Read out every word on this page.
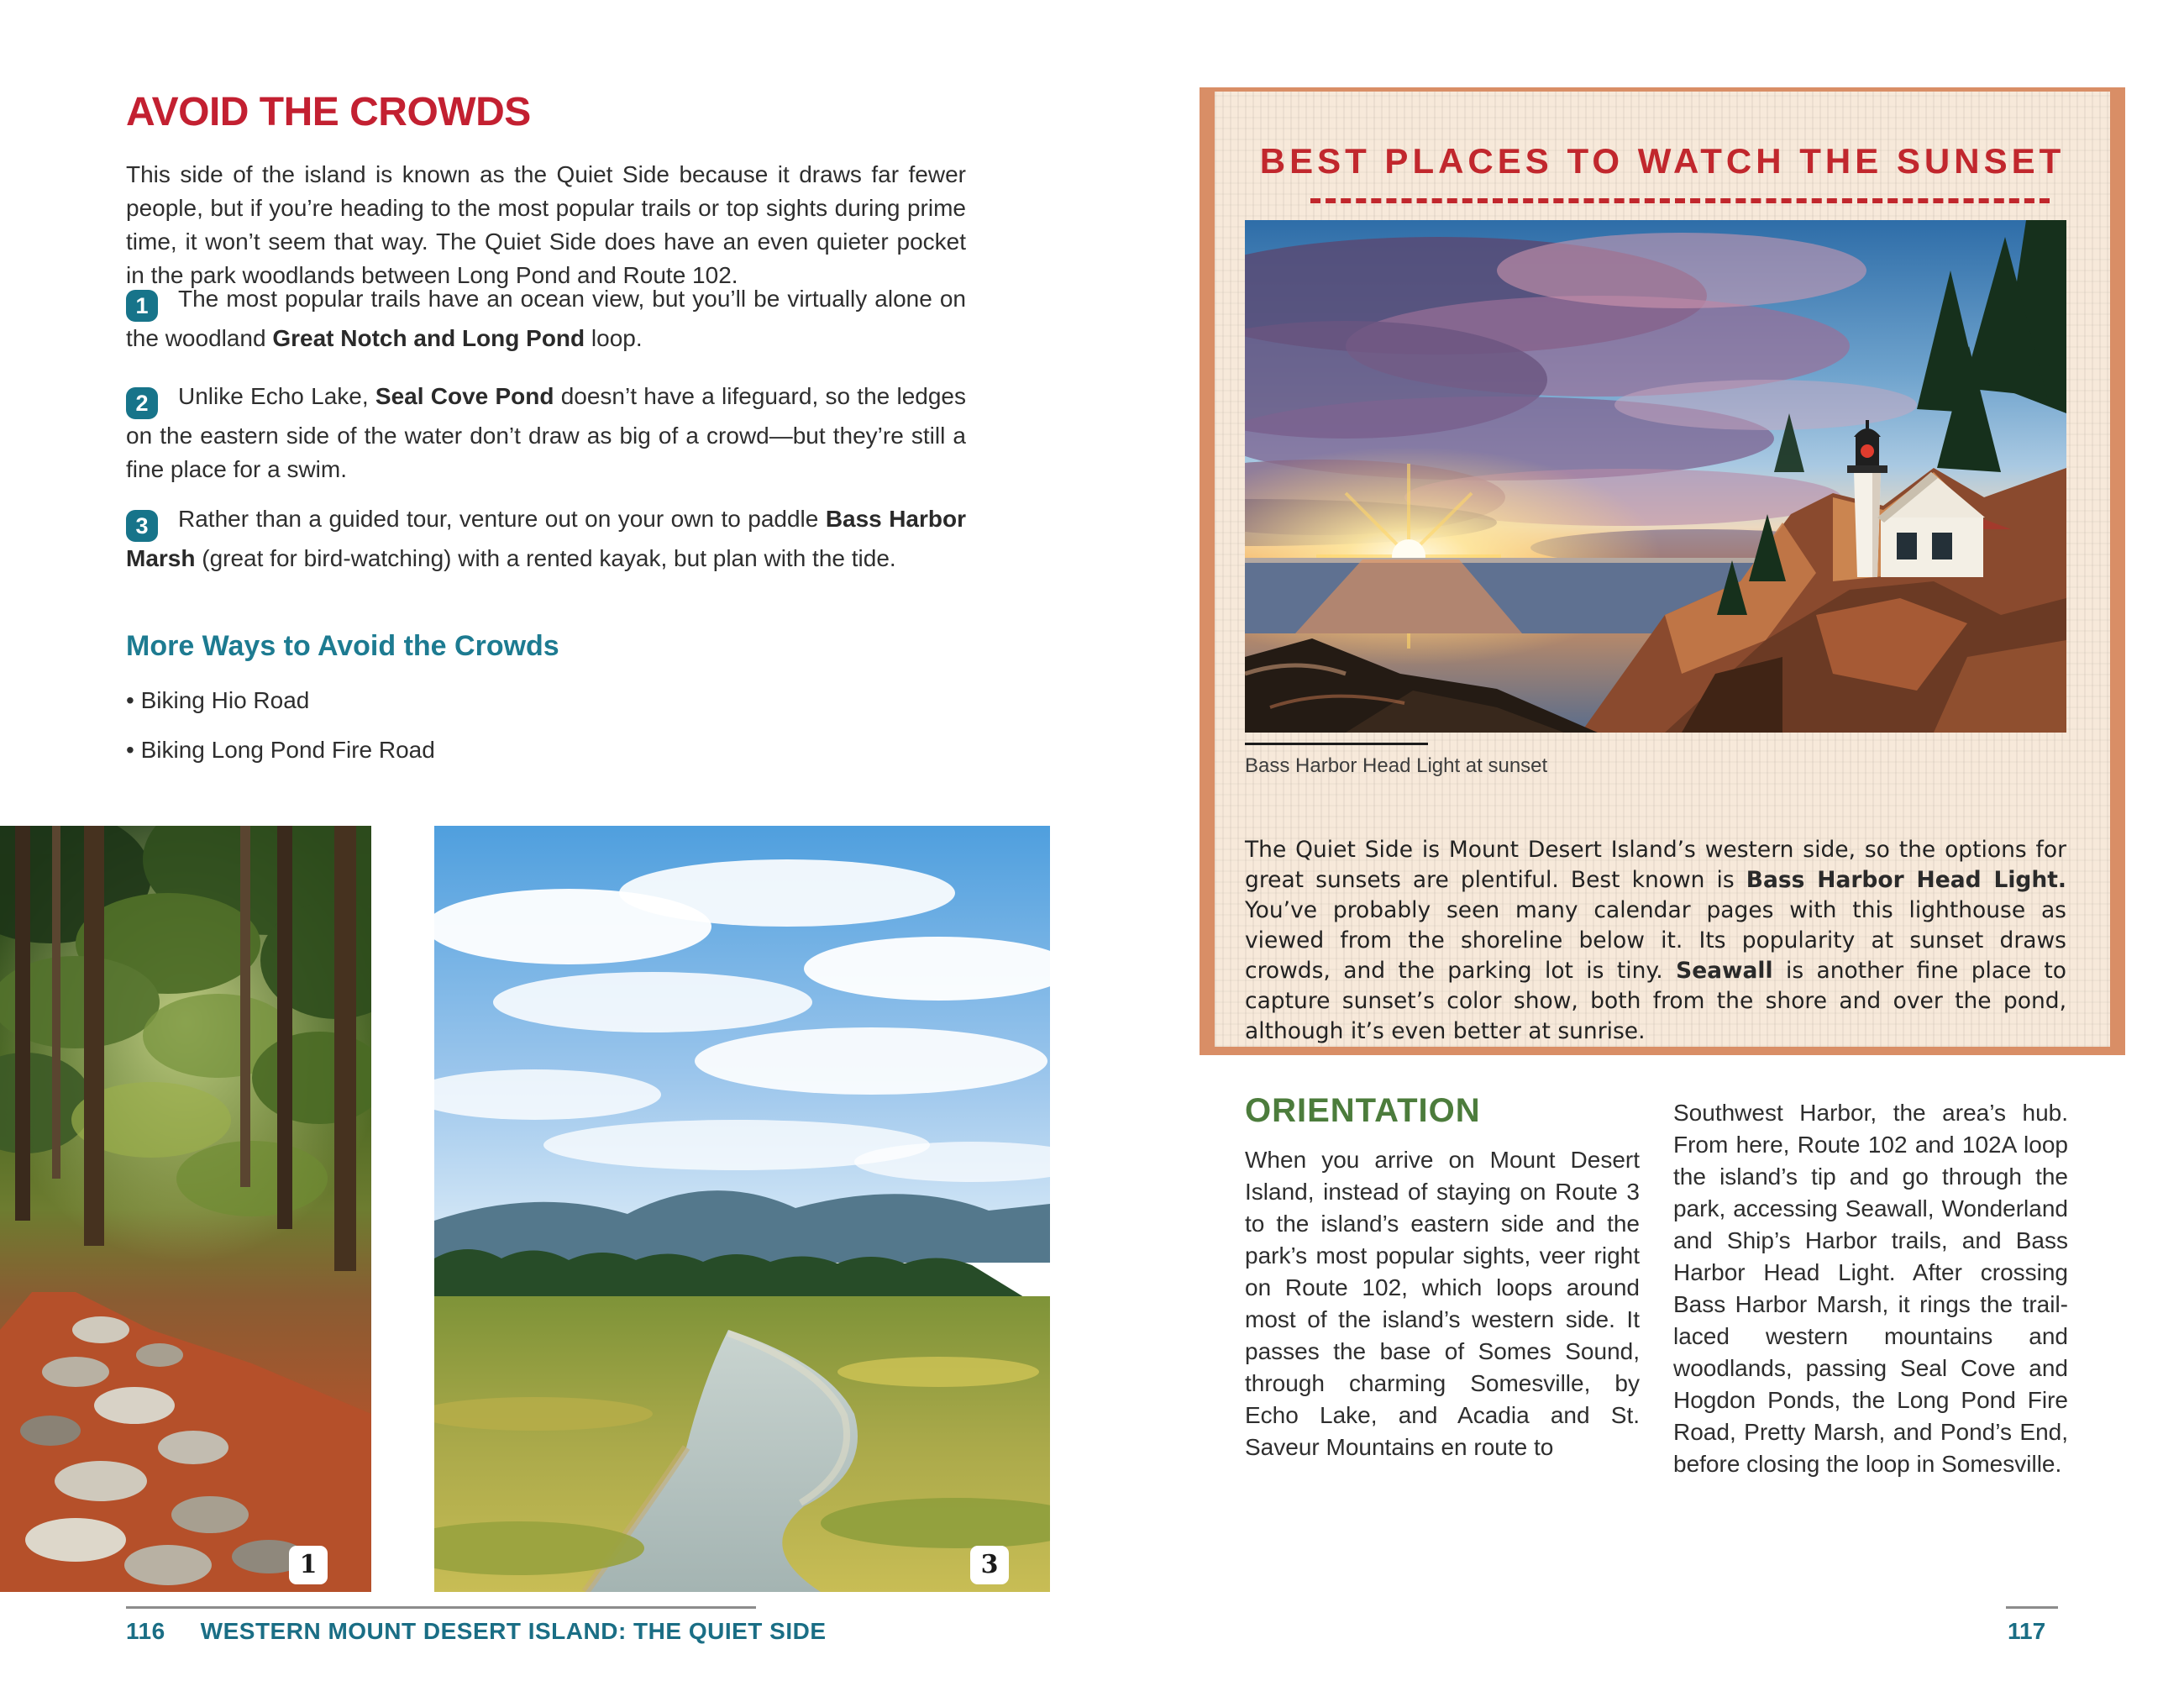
AVOID THE CROWDS
This side of the island is known as the Quiet Side because it draws far fewer people, but if you’re heading to the most popular trails or top sights during prime time, it won’t seem that way. The Quiet Side does have an even quieter pocket in the park woodlands between Long Pond and Route 102.
1 The most popular trails have an ocean view, but you’ll be virtually alone on the woodland Great Notch and Long Pond loop.
2 Unlike Echo Lake, Seal Cove Pond doesn’t have a lifeguard, so the ledges on the eastern side of the water don’t draw as big of a crowd—but they’re still a fine place for a swim.
3 Rather than a guided tour, venture out on your own to paddle Bass Harbor Marsh (great for bird-watching) with a rented kayak, but plan with the tide.
More Ways to Avoid the Crowds
• Biking Hio Road
• Biking Long Pond Fire Road
1	3
116 WESTERN MOUNT DESERT ISLAND: THE QUIET SIDE
BEST PLACES TO WATCH THE SUNSET
Bass Harbor Head Light at sunset
The Quiet Side is Mount Desert Island’s western side, so the options for great sunsets are plentiful. Best known is Bass Harbor Head Light. You’ve probably seen many calendar pages with this lighthouse as viewed from the shoreline below it. Its popularity at sunset draws crowds, and the parking lot is tiny. Seawall is another fine place to capture sunset’s color show, both from the shore and over the pond, although it’s even better at sunrise.
ORIENTATION
When you arrive on Mount Desert Island, instead of staying on Route 3 to the island’s eastern side and the park’s most popular sights, veer right on Route 102, which loops around most of the island’s western side. It passes the base of Somes Sound, through charming Somesville, by Echo Lake, and Acadia and St. Saveur Mountains en route to
Southwest Harbor, the area’s hub. From here, Route 102 and 102A loop the island’s tip and go through the park, accessing Seawall, Wonderland and Ship’s Harbor trails, and Bass Harbor Head Light. After crossing Bass Harbor Marsh, it rings the trail-laced western mountains and woodlands, passing Seal Cove and Hogdon Ponds, the Long Pond Fire Road, Pretty Marsh, and Pond’s End, before closing the loop in Somesville.
117
